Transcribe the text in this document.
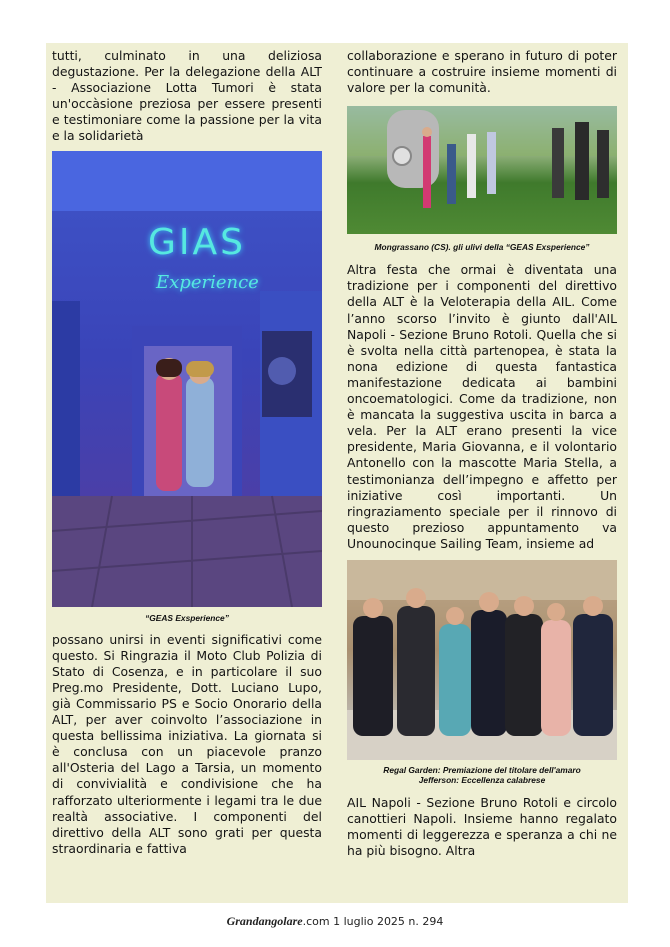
tutti, culminato in una deliziosa degustazione. Per la delegazione della ALT - Associazione Lotta Tumori è stata un'occàsione preziosa per essere presenti e testimoniare come la passione per la vita e la solidarietà

GIAS
Experience
“GEAS Exsperience”

possano unirsi in eventi significativi come questo. Si Ringrazia il Moto Club Polizia di Stato di Cosenza, e in particolare il suo Preg.mo Presidente, Dott. Luciano Lupo, già Commissario PS e Socio Onorario della ALT, per aver coinvolto l’associazione in questa bellissima iniziativa. La giornata si è conclusa con un piacevole pranzo all'Osteria del Lago a Tarsia, un momento di convivialità e condivisione che ha rafforzato ulteriormente i legami tra le due realtà associative. I componenti del direttivo della ALT sono grati per questa straordinaria e fattiva

collaborazione e sperano in futuro di poter continuare a costruire insieme momenti di valore per la comunità.

Mongrassano (CS). gli ulivi della “GEAS Exsperience”

Altra festa che ormai è diventata una tradizione per i componenti del direttivo della ALT è la Veloterapia della AIL. Come l’anno scorso l’invito è giunto dall'AIL Napoli - Sezione Bruno Rotoli. Quella che si è svolta nella città partenopea, è stata la nona edizione di questa fantastica manifestazione dedicata ai bambini oncoematologici. Come da tradizione, non è mancata la suggestiva uscita in barca a vela. Per la ALT erano presenti la vice presidente, Maria Giovanna, e il volontario Antonello con la mascotte Maria Stella, a testimonianza dell’impegno e affetto per iniziative così importanti. Un ringraziamento speciale per il rinnovo di questo prezioso appuntamento va Unounocinque Sailing Team, insieme ad

Regal Garden: Premiazione del titolare dell'amaro
Jefferson: Eccellenza calabrese

AIL Napoli - Sezione Bruno Rotoli e circolo canottieri Napoli. Insieme hanno regalato momenti di leggerezza e speranza a chi ne ha più bisogno. Altra

Grandangolare.com 1 luglio 2025 n. 294
